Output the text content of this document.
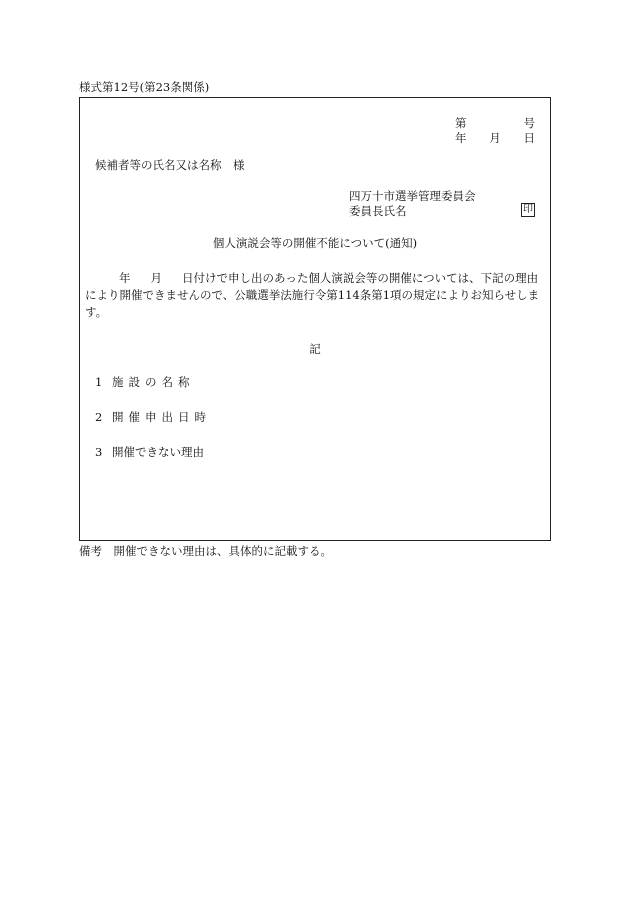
様式第12号(第23条関係)
第	号
年 月 日
候補者等の氏名又は名称　様
四万十市選挙管理委員会
委員長氏名	印
個人演説会等の開催不能について(通知)
年 月 日付けで申し出のあった個人演説会等の開催については、下記の理由により開催できませんので、公職選挙法施行令第114条第1項の規定によりお知らせします。
記
1 施設の名称
2 開催申出日時
3 開催できない理由
備考　開催できない理由は、具体的に記載する。
